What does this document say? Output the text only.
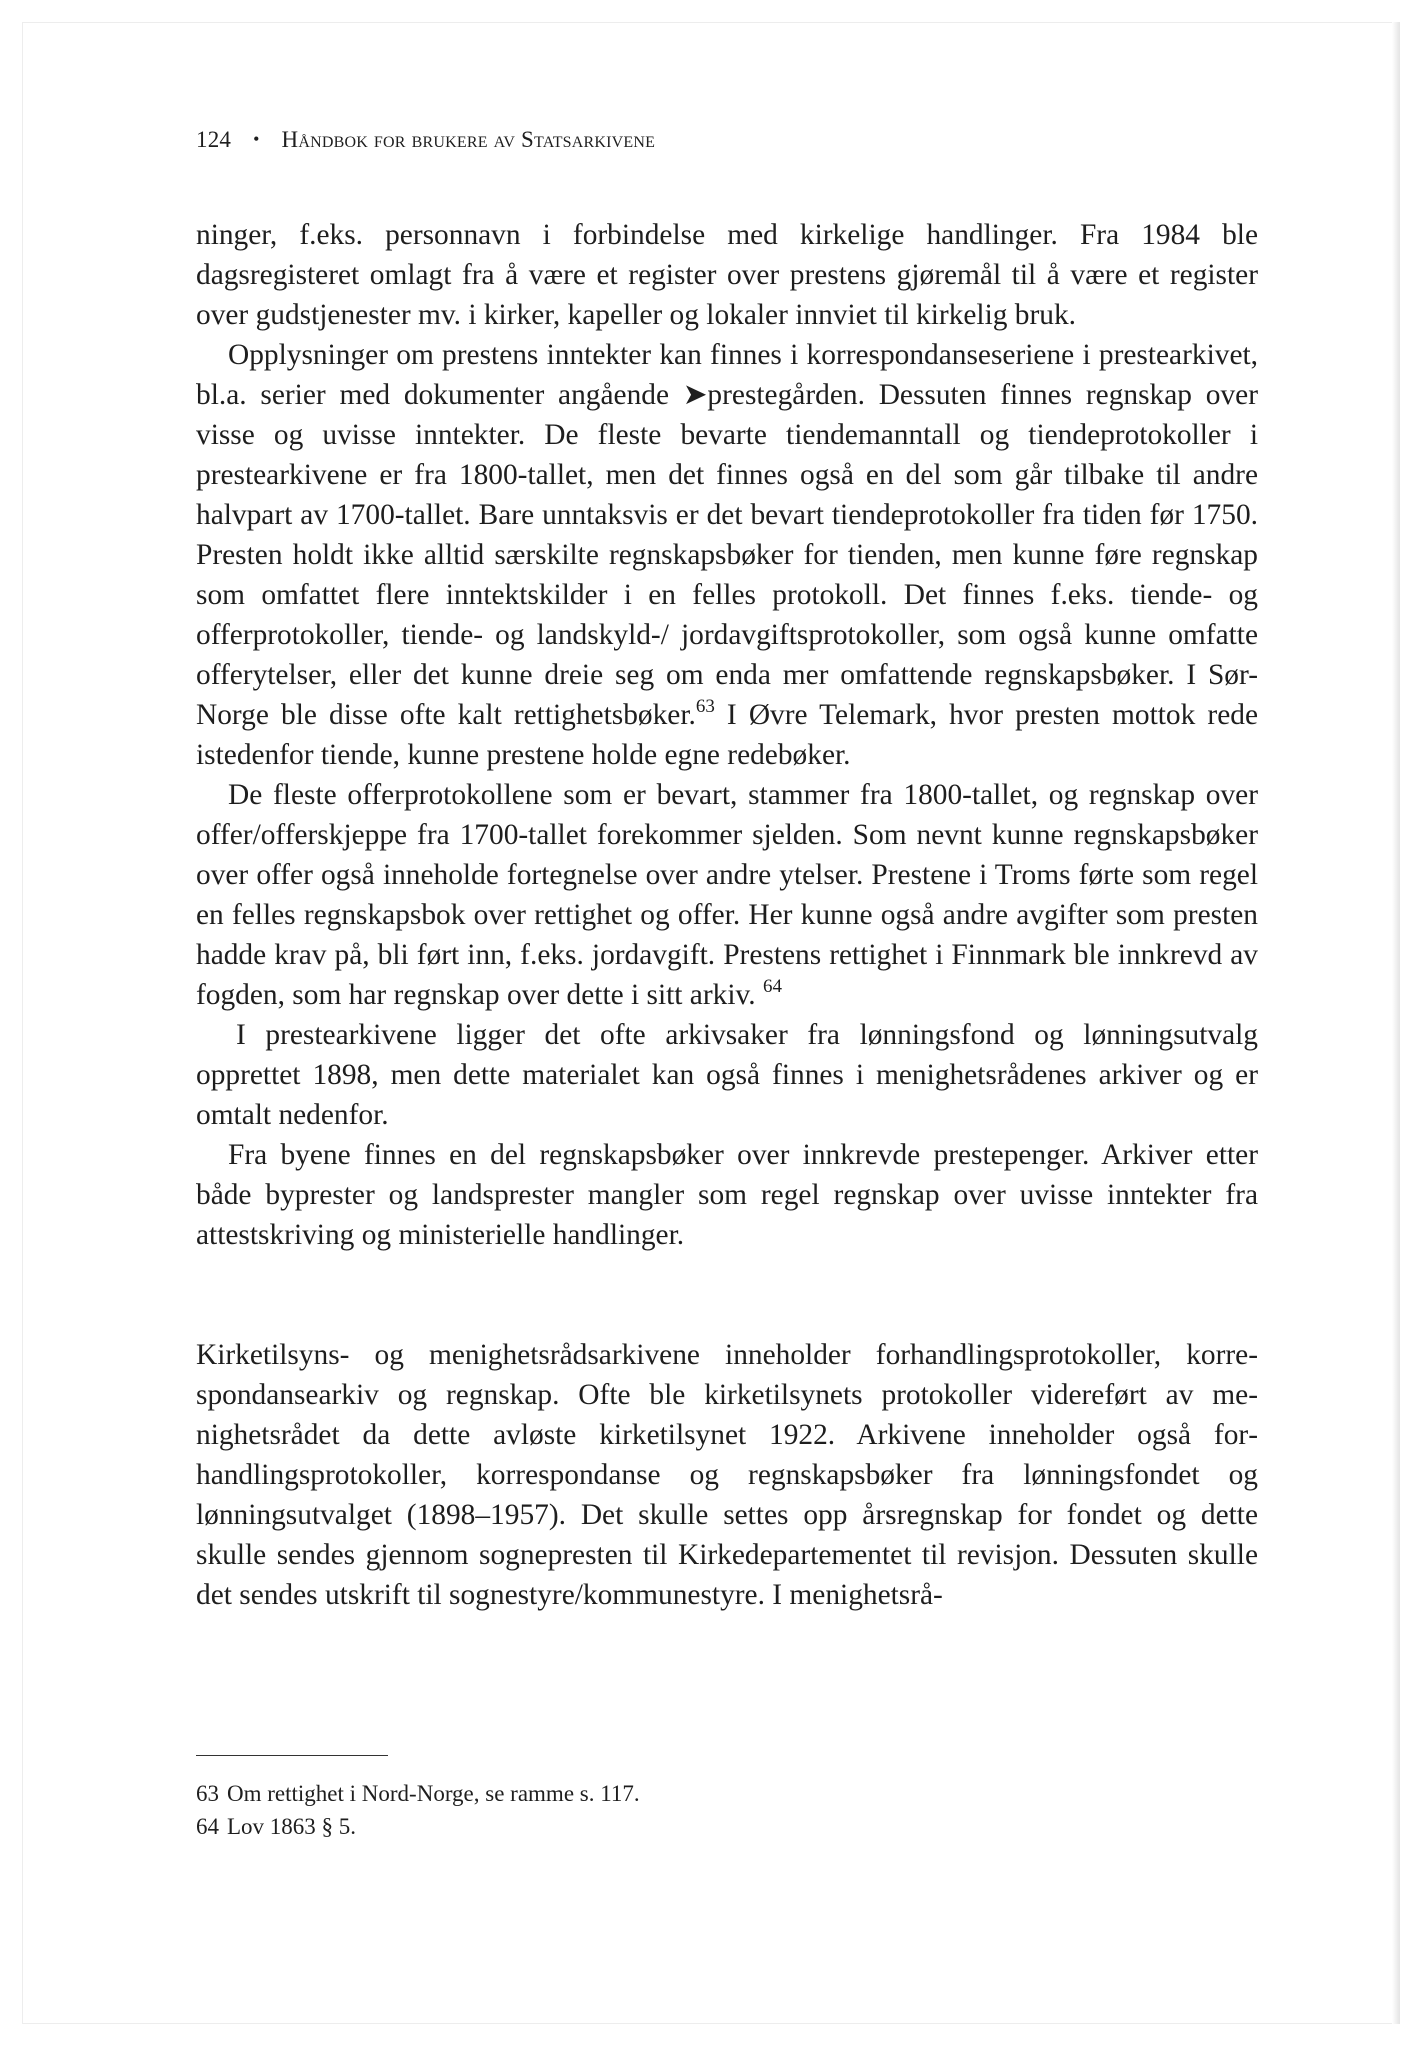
124 • Håndbok for brukere av Statsarkivene

ninger, f.eks. personnavn i forbindelse med kirkelige handlinger. Fra 1984 ble dagsregisteret omlagt fra å være et register over prestens gjøremål til å være et register over gudstjenester mv. i kirker, kapeller og lokaler innviet til kirkelig bruk.

Opplysninger om prestens inntekter kan finnes i korrespondanseseriene i prestearkivet, bl.a. serier med dokumenter angående ➤prestegården. Dessuten finnes regnskap over visse og uvisse inntekter. De fleste bevarte tiendemanntall og tiendeprotokoller i prestearkivene er fra 1800-tallet, men det finnes også en del som går tilbake til andre halvpart av 1700-tallet. Bare unntaksvis er det bevart tiendeprotokoller fra tiden før 1750. Presten holdt ikke alltid særskilte regnskapsbøker for tienden, men kunne føre regnskap som omfattet flere inntektskilder i en felles protokoll. Det finnes f.eks. tiende- og offerprotokoller, tiende- og landskyld-/ jordavgiftsprotokoller, som også kunne omfatte offerytelser, eller det kunne dreie seg om enda mer omfattende regnskapsbøker. I Sør-Norge ble disse ofte kalt rettighetsbøker.$^{63}$ I Øvre Telemark, hvor presten mottok rede istedenfor tiende, kunne prestene holde egne redebøker.

De fleste offerprotokollene som er bevart, stammer fra 1800-tallet, og regnskap over offer/offerskjeppe fra 1700-tallet forekommer sjelden. Som nevnt kunne regnskapsbøker over offer også inneholde fortegnelse over andre ytelser. Prestene i Troms førte som regel en felles regnskapsbok over rettighet og offer. Her kunne også andre avgifter som presten hadde krav på, bli ført inn, f.eks. jordavgift. Prestens rettighet i Finnmark ble innkrevd av fogden, som har regnskap over dette i sitt arkiv. $^{64}$

I prestearkivene ligger det ofte arkivsaker fra lønningsfond og lønningsutvalg opprettet 1898, men dette materialet kan også finnes i menighetsrådenes arkiver og er omtalt nedenfor.

Fra byene finnes en del regnskapsbøker over innkrevde prestepenger. Arkiver etter både byprester og landsprester mangler som regel regnskap over uvisse inntekter fra attestskriving og ministerielle handlinger.

Kirketilsyns- og menighetsrådsarkivene inneholder forhandlingsprotokoller, korrespondansearkiv og regnskap. Ofte ble kirketilsynets protokoller videreført av menighetsrådet da dette avløste kirketilsynet 1922. Arkivene inneholder også forhandlingsprotokoller, korrespondanse og regnskapsbøker fra lønningsfondet og lønningsutvalget (1898–1957). Det skulle settes opp årsregnskap for fondet og dette skulle sendes gjennom sognepresten til Kirkedepartementet til revisjon. Dessuten skulle det sendes utskrift til sognestyre/kommunestyre. I menighetsrå-

63 Om rettighet i Nord-Norge, se ramme s. 117.
64 Lov 1863 § 5.
